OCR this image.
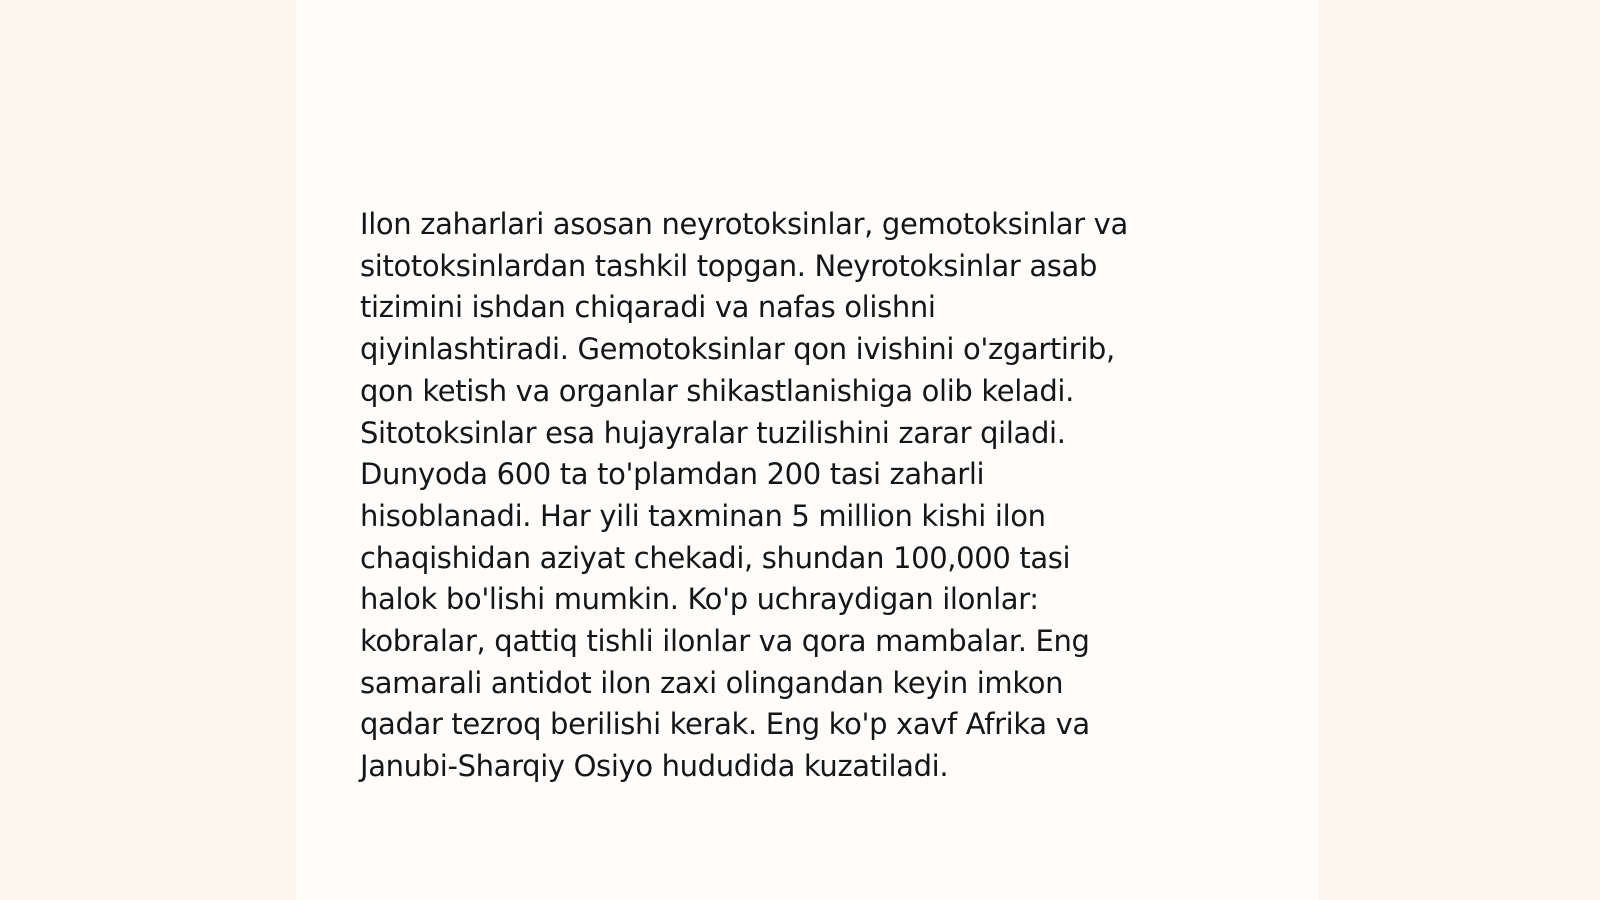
Ilon zaharlari asosan neyrotoksinlar, gemotoksinlar va
sitotoksinlardan tashkil topgan. Neyrotoksinlar asab
tizimini ishdan chiqaradi va nafas olishni
qiyinlashtiradi. Gemotoksinlar qon ivishini o'zgartirib,
qon ketish va organlar shikastlanishiga olib keladi.
Sitotoksinlar esa hujayralar tuzilishini zarar qiladi.
Dunyoda 600 ta to'plamdan 200 tasi zaharli
hisoblanadi. Har yili taxminan 5 million kishi ilon
chaqishidan aziyat chekadi, shundan 100,000 tasi
halok bo'lishi mumkin. Ko'p uchraydigan ilonlar:
kobralar, qattiq tishli ilonlar va qora mambalar. Eng
samarali antidot ilon zaxi olingandan keyin imkon
qadar tezroq berilishi kerak. Eng ko'p xavf Afrika va
Janubi-Sharqiy Osiyo hududida kuzatiladi.
